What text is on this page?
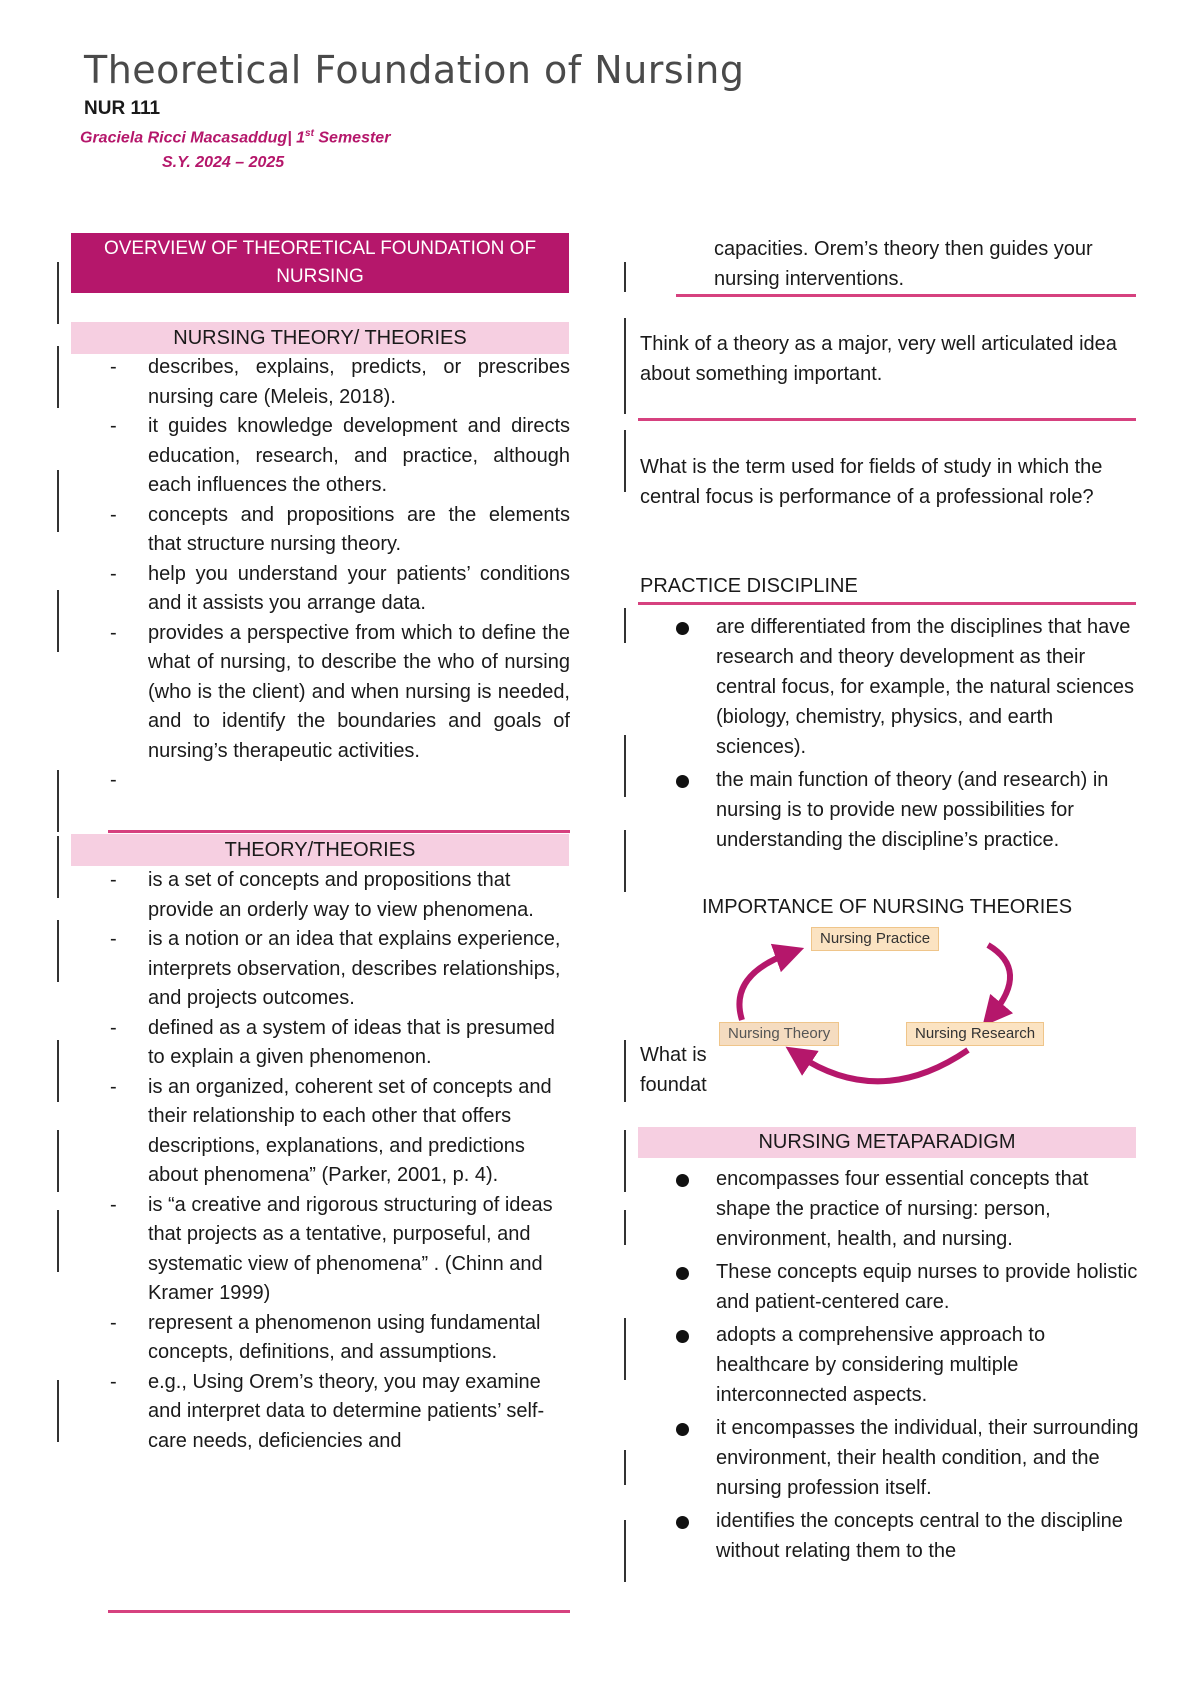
Theoretical Foundation of Nursing
NUR 111
Graciela Ricci Macasaddug| 1st Semester
S.Y. 2024 – 2025
OVERVIEW OF THEORETICAL FOUNDATION OF NURSING
NURSING THEORY/ THEORIES
- describes, explains, predicts, or prescribes nursing care (Meleis, 2018).
- it guides knowledge development and directs education, research, and practice, although each influences the others.
- concepts and propositions are the elements that structure nursing theory.
- help you understand your patients’ conditions and it assists you arrange data.
- provides a perspective from which to define the what of nursing, to describe the who of nursing (who is the client) and when nursing is needed, and to identify the boundaries and goals of nursing’s therapeutic activities.
-
THEORY/THEORIES
- is a set of concepts and propositions that provide an orderly way to view phenomena.
- is a notion or an idea that explains experience, interprets observation, describes relationships, and projects outcomes.
- defined as a system of ideas that is presumed to explain a given phenomenon.
- is an organized, coherent set of concepts and their relationship to each other that offers descriptions, explanations, and predictions about phenomena” (Parker, 2001, p. 4).
- is “a creative and rigorous structuring of ideas that projects as a tentative, purposeful, and systematic view of phenomena” . (Chinn and Kramer 1999)
- represent a phenomenon using fundamental concepts, definitions, and assumptions.
- e.g., Using Orem’s theory, you may examine and interpret data to determine patients’ self-care needs, deficiencies and
capacities. Orem’s theory then guides your nursing interventions.
Think of a theory as a major, very well articulated idea about something important.
What is the term used for fields of study in which the central focus is performance of a professional role?
PRACTICE DISCIPLINE
are differentiated from the disciplines that have research and theory development as their central focus, for example, the natural sciences (biology, chemistry, physics, and earth sciences).
the main function of theory (and research) in nursing is to provide new possibilities for understanding the discipline’s practice.
IMPORTANCE OF NURSING THEORIES
What is
foundat
Nursing Practice
Nursing Theory	Nursing Research
NURSING METAPARADIGM
encompasses four essential concepts that shape the practice of nursing: person, environment, health, and nursing.
These concepts equip nurses to provide holistic and patient-centered care.
adopts a comprehensive approach to healthcare by considering multiple interconnected aspects.
it encompasses the individual, their surrounding environment, their health condition, and the nursing profession itself.
identifies the concepts central to the discipline without relating them to the
